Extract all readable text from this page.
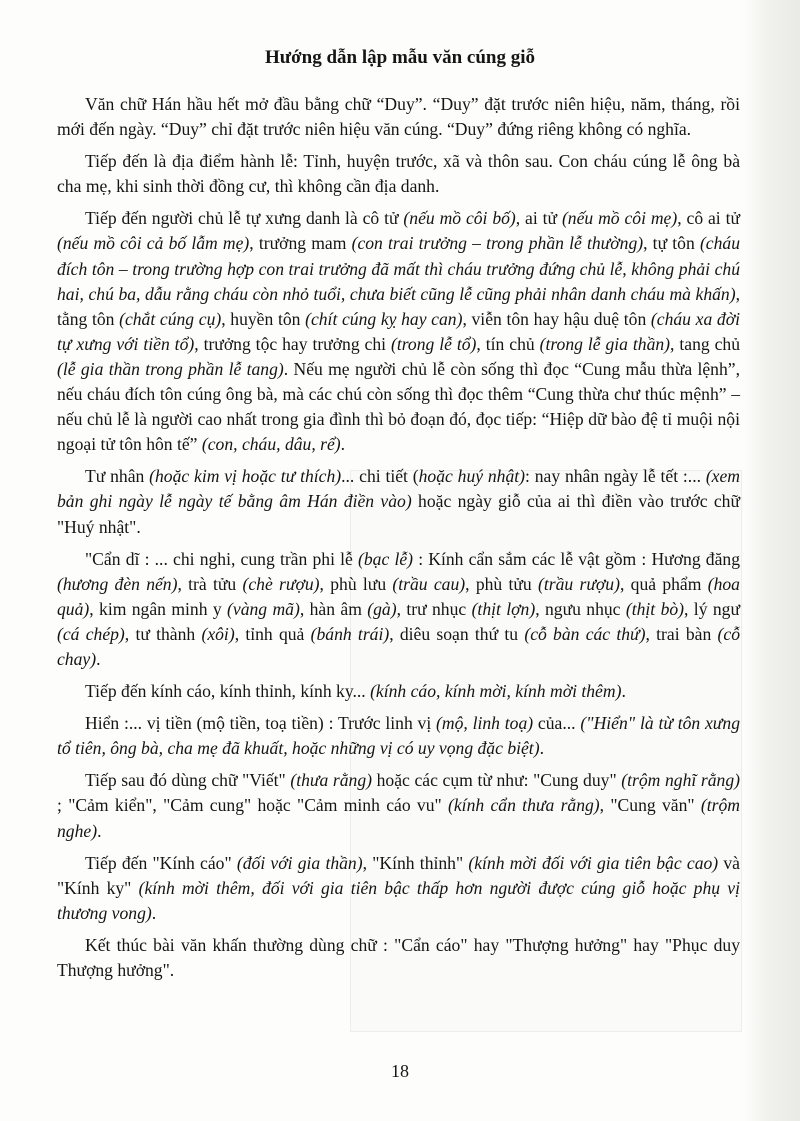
Hướng dẫn lập mẫu văn cúng giỗ

Văn chữ Hán hầu hết mở đầu bằng chữ “Duy”. “Duy” đặt trước niên hiệu, năm, tháng, rồi mới đến ngày. “Duy” chỉ đặt trước niên hiệu văn cúng. “Duy” đứng riêng không có nghĩa.

Tiếp đến là địa điểm hành lễ: Tỉnh, huyện trước, xã và thôn sau. Con cháu cúng lễ ông bà cha mẹ, khi sinh thời đồng cư, thì không cần địa danh.

Tiếp đến người chủ lễ tự xưng danh là cô tử (nếu mồ côi bố), ai tử (nếu mồ côi mẹ), cô ai tử (nếu mồ côi cả bố lẫm mẹ), trưởng mam (con trai trưởng – trong phần lễ thường), tự tôn (cháu đích tôn – trong trường hợp con trai trưởng đã mất thì cháu trưởng đứng chủ lễ, không phải chú hai, chú ba, dẫu rằng cháu còn nhỏ tuổi, chưa biết cũng lễ cũng phải nhân danh cháu mà khấn), tằng tôn (chắt cúng cụ), huyền tôn (chít cúng kỵ hay can), viễn tôn hay hậu duệ tôn (cháu xa đời tự xưng với tiền tổ), trưởng tộc hay trưởng chi (trong lễ tổ), tín chủ (trong lễ gia thần), tang chủ (lễ gia thần trong phần lễ tang). Nếu mẹ người chủ lễ còn sống thì đọc “Cung mẫu thừa lệnh”, nếu cháu đích tôn cúng ông bà, mà các chú còn sống thì đọc thêm “Cung thừa chư thúc mệnh” – nếu chủ lễ là người cao nhất trong gia đình thì bỏ đoạn đó, đọc tiếp: “Hiệp dữ bào đệ tỉ muội nội ngoại tử tôn hôn tế” (con, cháu, dâu, rể).

Tư nhân (hoặc kim vị hoặc tư thích)... chi tiết (hoặc huý nhật): nay nhân ngày lễ tết :... (xem bản ghi ngày lễ ngày tế bằng âm Hán điền vào) hoặc ngày giỗ của ai thì điền vào trước chữ "Huý nhật".

"Cẩn dĩ : ... chi nghi, cung trần phi lễ (bạc lễ) : Kính cẩn sắm các lễ vật gồm : Hương đăng (hương đèn nến), trà tửu (chè rượu), phù lưu (trầu cau), phù tửu (trầu rượu), quả phẩm (hoa quả), kim ngân minh y (vàng mã), hàn âm (gà), trư nhục (thịt lợn), ngưu nhục (thịt bò), lý ngư (cá chép), tư thành (xôi), tỉnh quả (bánh trái), diêu soạn thứ tu (cỗ bàn các thứ), trai bàn (cỗ chay).

Tiếp đến kính cáo, kính thỉnh, kính ky... (kính cáo, kính mời, kính mời thêm).

Hiển :... vị tiền (mộ tiền, toạ tiền) : Trước linh vị (mộ, linh toạ) của... ("Hiển" là từ tôn xưng tổ tiên, ông bà, cha mẹ đã khuất, hoặc những vị có uy vọng đặc biệt).

Tiếp sau đó dùng chữ "Viết" (thưa rằng) hoặc các cụm từ như: "Cung duy" (trộm nghĩ rằng) ; "Cảm kiển", "Cảm cung" hoặc "Cảm minh cáo vu" (kính cẩn thưa rằng), "Cung văn" (trộm nghe).

Tiếp đến "Kính cáo" (đối với gia thần), "Kính thỉnh" (kính mời đối với gia tiên bậc cao) và "Kính ky" (kính mời thêm, đối với gia tiên bậc thấp hơn người được cúng giỗ hoặc phụ vị thương vong).

Kết thúc bài văn khấn thường dùng chữ : "Cẩn cáo" hay "Thượng hưởng" hay "Phục duy Thượng hưởng".

18
